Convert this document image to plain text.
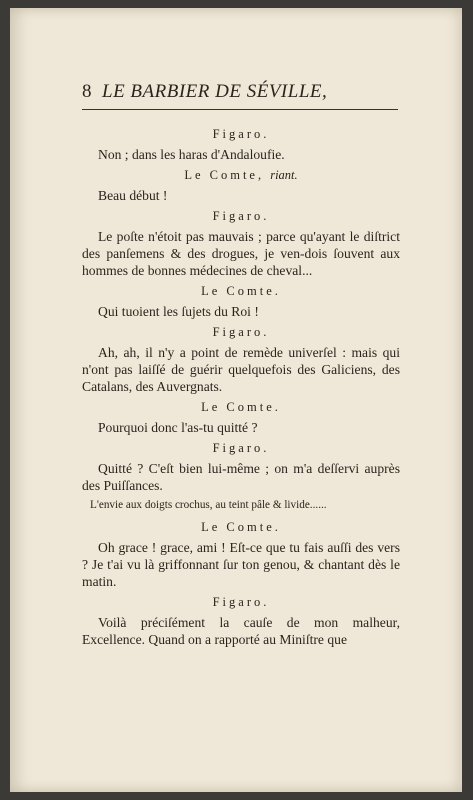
8 LE BARBIER DE SÉVILLE,
Figaro.
Non ; dans les haras d'Andaloufie.
Le Comte, riant.
Beau début !
Figaro.
Le poſte n'étoit pas mauvais ; parce qu'ayant le diſtrict des panſemens & des drogues, je ven-dois ſouvent aux hommes de bonnes médecines de cheval...
Le Comte.
Qui tuoient les ſujets du Roi !
Figaro.
Ah, ah, il n'y a point de remède univerſel : mais qui n'ont pas laiſſé de guérir quelquefois des Galiciens, des Catalans, des Auvergnats.
Le Comte.
Pourquoi donc l'as-tu quitté ?
Figaro.
Quitté ? C'eſt bien lui-même ; on m'a deſſervi auprès des Puiſſances.
L'envie aux doigts crochus, au teint pâle & livide......
Le Comte.
Oh grace ! grace, ami ! Eſt-ce que tu fais auſſi des vers ? Je t'ai vu là griffonnant ſur ton genou, & chantant dès le matin.
Figaro.
Voilà préciſément la cauſe de mon malheur, Excellence. Quand on a rapporté au Miniſtre que
